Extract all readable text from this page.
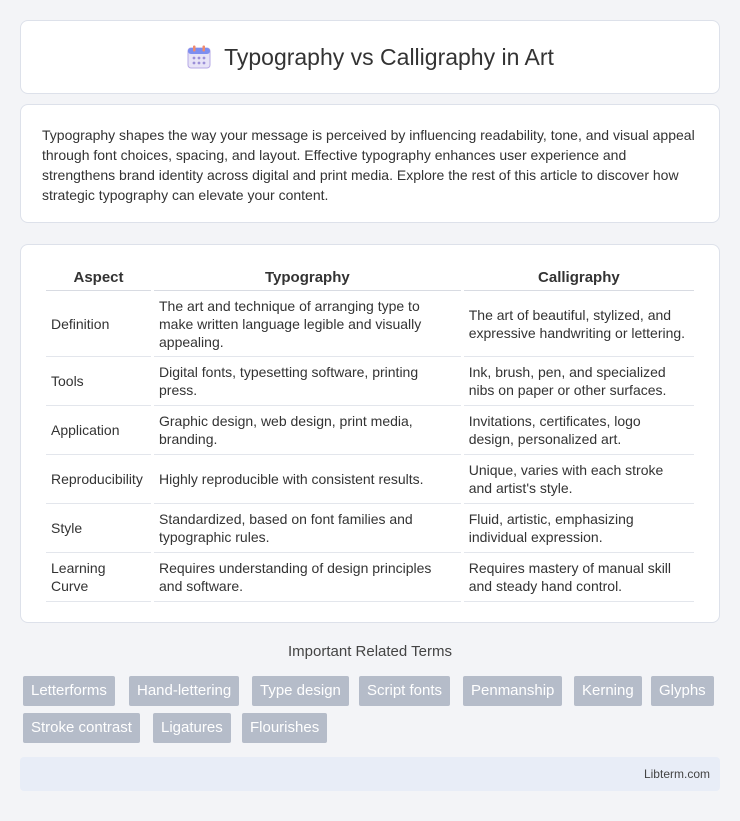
Typography vs Calligraphy in Art

Typography shapes the way your message is perceived by influencing readability, tone, and visual appeal through font choices, spacing, and layout. Effective typography enhances user experience and strengthens brand identity across digital and print media. Explore the rest of this article to discover how strategic typography can elevate your content.

Aspect	Typography	Calligraphy
Definition	The art and technique of arranging type to make written language legible and visually appealing.	The art of beautiful, stylized, and expressive handwriting or lettering.
Tools	Digital fonts, typesetting software, printing press.	Ink, brush, pen, and specialized nibs on paper or other surfaces.
Application	Graphic design, web design, print media, branding.	Invitations, certificates, logo design, personalized art.
Reproducibility	Highly reproducible with consistent results.	Unique, varies with each stroke and artist's style.
Style	Standardized, based on font families and typographic rules.	Fluid, artistic, emphasizing individual expression.
Learning Curve	Requires understanding of design principles and software.	Requires mastery of manual skill and steady hand control.
Important Related Terms
Letterforms	Hand-lettering	Type design	Script fonts	Penmanship	Kerning	Glyphs
Stroke contrast	Ligatures	Flourishes
Libterm.com
